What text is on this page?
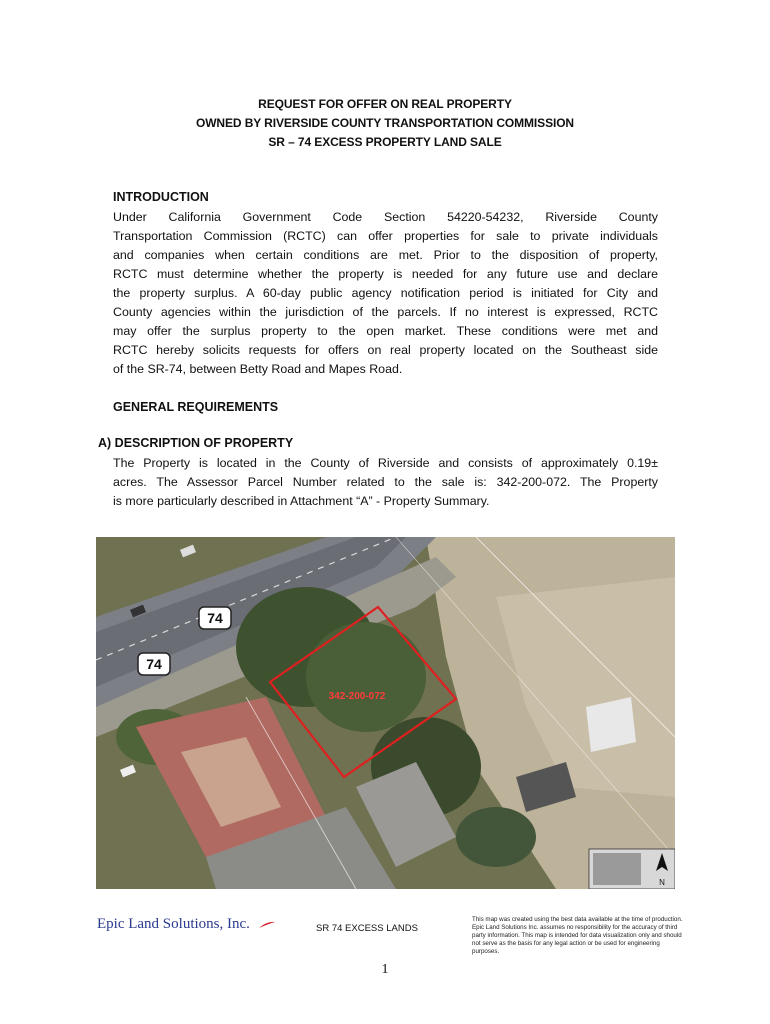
REQUEST FOR OFFER ON REAL PROPERTY
OWNED BY RIVERSIDE COUNTY TRANSPORTATION COMMISSION
SR – 74 EXCESS PROPERTY LAND SALE
INTRODUCTION
Under California Government Code Section 54220-54232, Riverside County
Transportation Commission (RCTC) can offer properties for sale to private individuals
and companies when certain conditions are met. Prior to the disposition of property,
RCTC must determine whether the property is needed for any future use and declare
the property surplus. A 60-day public agency notification period is initiated for City and
County agencies within the jurisdiction of the parcels. If no interest is expressed, RCTC
may offer the surplus property to the open market. These conditions were met and
RCTC hereby solicits requests for offers on real property located on the Southeast side
of the SR-74, between Betty Road and Mapes Road.
GENERAL REQUIREMENTS
A) DESCRIPTION OF PROPERTY
The Property is located in the County of Riverside and consists of approximately 0.19±
acres. The Assessor Parcel Number related to the sale is: 342-200-072. The Property
is more particularly described in Attachment “A” - Property Summary.
74
74
342-200-072
N
Epic Land Solutions, Inc.	SR 74 EXCESS LANDS
This map was created using the best data available at the time of production. Epic Land Solutions Inc. assumes no responsibility for the accuracy of third party information. This map is intended for data visualization only and should not serve as the basis for any legal action or be used for engineering purposes.
1
